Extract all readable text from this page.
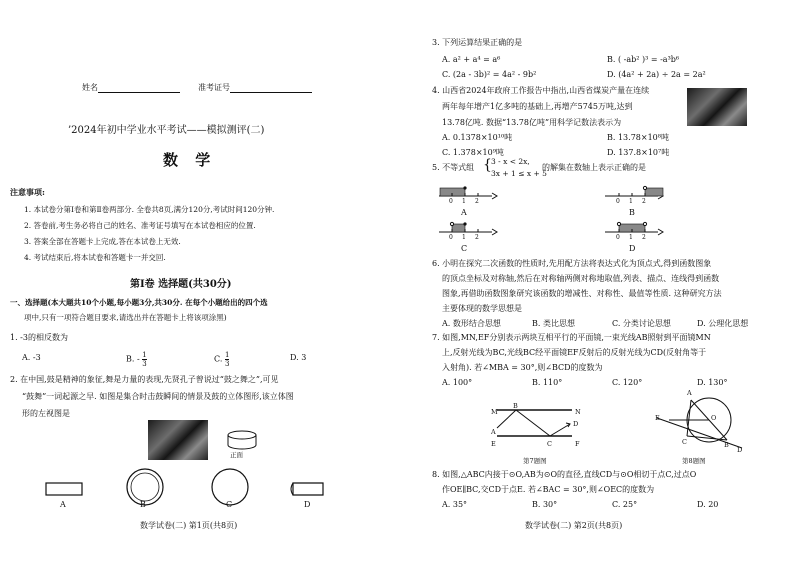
姓名	准考证号
’2024年初中学业水平考试——模拟测评(二)
数 学
注意事项:
1. 本试卷分第Ⅰ卷和第Ⅱ卷两部分. 全卷共8页,满分120分,考试时间120分钟.
2. 答卷前,考生务必将自己的姓名、准考证号填写在本试卷相应的位置.
3. 答案全部在答题卡上完成,答在本试卷上无效.
4. 考试结束后,将本试卷和答题卡一并交回.
第Ⅰ卷 选择题(共30分)
一、选择题(本大题共10个小题,每小题3分,共30分. 在每个小题给出的四个选
项中,只有一项符合题目要求,请选出并在答题卡上将该项涂黑)
1. -3的相反数为
A. -3	B. - $\frac{1}{3}$	C. $\frac{1}{3}$	D. 3
2. 在中国,鼓是精神的象征,舞是力量的表现,先贤孔子曾说过“鼓之舞之”,可见
“鼓舞”一词起源之早. 如图是集合时击鼓瞬间的情景及鼓的立体图形,该立体图
形的左视图是
正面
A	B	C	D
数学试卷(二) 第1页(共8页)
3. 下列运算结果正确的是
A. a² + a⁴ = a⁶	B. ( -ab² )³ = -a³b⁶
C. (2a - 3b)² = 4a² - 9b²	D. (4a² + 2a) ÷ 2a = 2a²
4. 山西省2024年政府工作报告中指出,山西省煤炭产量在连续
两年每年增产1亿多吨的基础上,再增产5745万吨,达到
13.78亿吨. 数据“13.78亿吨”用科学记数法表示为
A. 0.1378×10¹⁰吨	B. 13.78×10⁸吨
C. 1.378×10⁹吨	D. 137.8×10⁷吨
5. 不等式组 { 3 - x < 2x,
3x + 1 ≤ x + 5
的解集在数轴上表示正确的是
0 1 2	0 1 2
0 1 2	0 1 2
A	B
C	D
6. 小明在探究二次函数的性质时,先用配方法将表达式化为顶点式,得到函数图象
的顶点坐标及对称轴,然后在对称轴两侧对称地取值,列表、描点、连线得到函数
图象,再借助函数图象研究该函数的增减性、对称性、最值等性质. 这种研究方法
主要体现的数学思想是
A. 数形结合思想	B. 类比思想	C. 分类讨论思想	D. 公理化思想
7. 如图,MN,EF分别表示两块互相平行的平面镜,一束光线AB照射到平面镜MN
上,反射光线为BC,光线BC经平面镜EF反射后的反射光线为CD(反射角等于
入射角). 若∠MBA = 30°,则∠BCD的度数为
A. 100°	B. 110°	C. 120°	D. 130°
M
B
N
A
D
E	C	F
第7题图
A
O
E
C	B
D
第8题图
8. 如图,△ABC内接于⊙O,AB为⊙O的直径,直线CD与⊙O相切于点C,过点O
作OE∥BC,交CD于点E. 若∠BAC = 30°,则∠OEC的度数为
A. 35°	B. 30°	C. 25°	D. 20
数学试卷(二) 第2页(共8页)
